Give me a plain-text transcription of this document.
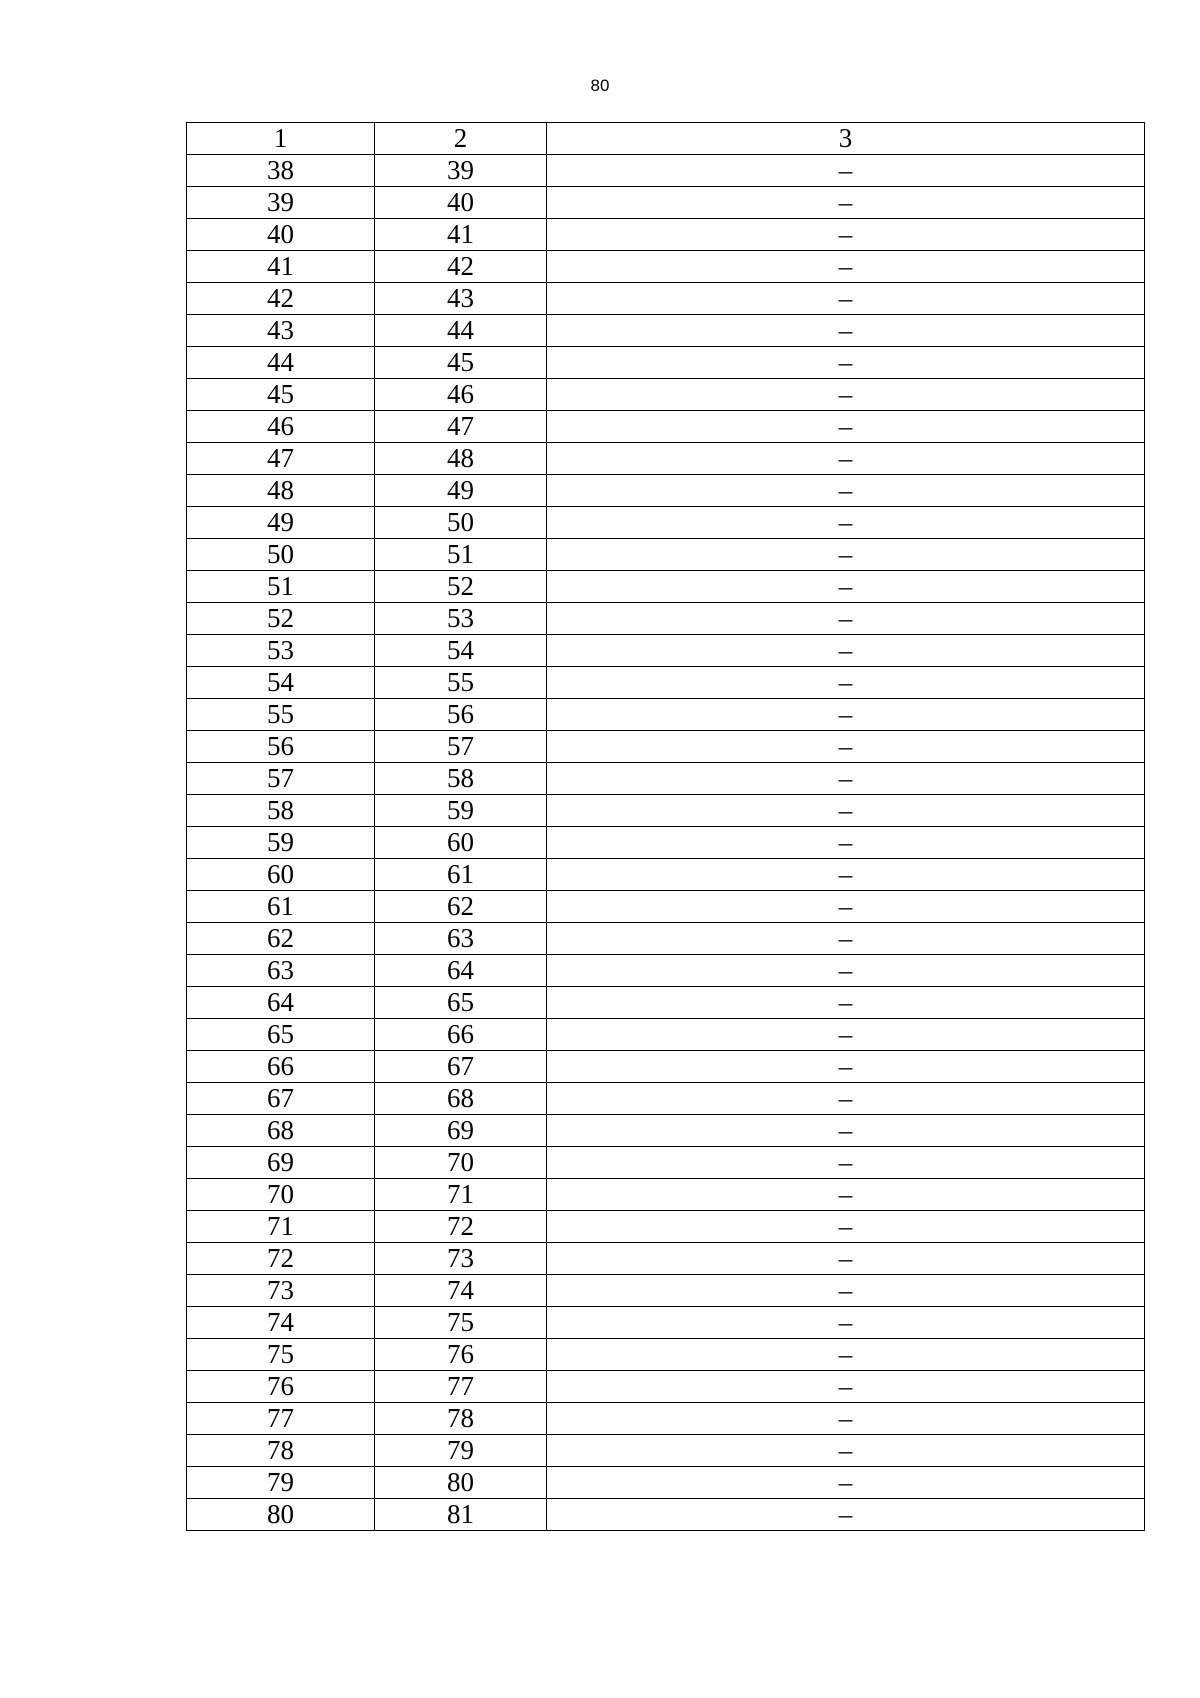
80
1	2	3
38	39	–
39	40	–
40	41	–
41	42	–
42	43	–
43	44	–
44	45	–
45	46	–
46	47	–
47	48	–
48	49	–
49	50	–
50	51	–
51	52	–
52	53	–
53	54	–
54	55	–
55	56	–
56	57	–
57	58	–
58	59	–
59	60	–
60	61	–
61	62	–
62	63	–
63	64	–
64	65	–
65	66	–
66	67	–
67	68	–
68	69	–
69	70	–
70	71	–
71	72	–
72	73	–
73	74	–
74	75	–
75	76	–
76	77	–
77	78	–
78	79	–
79	80	–
80	81	–
